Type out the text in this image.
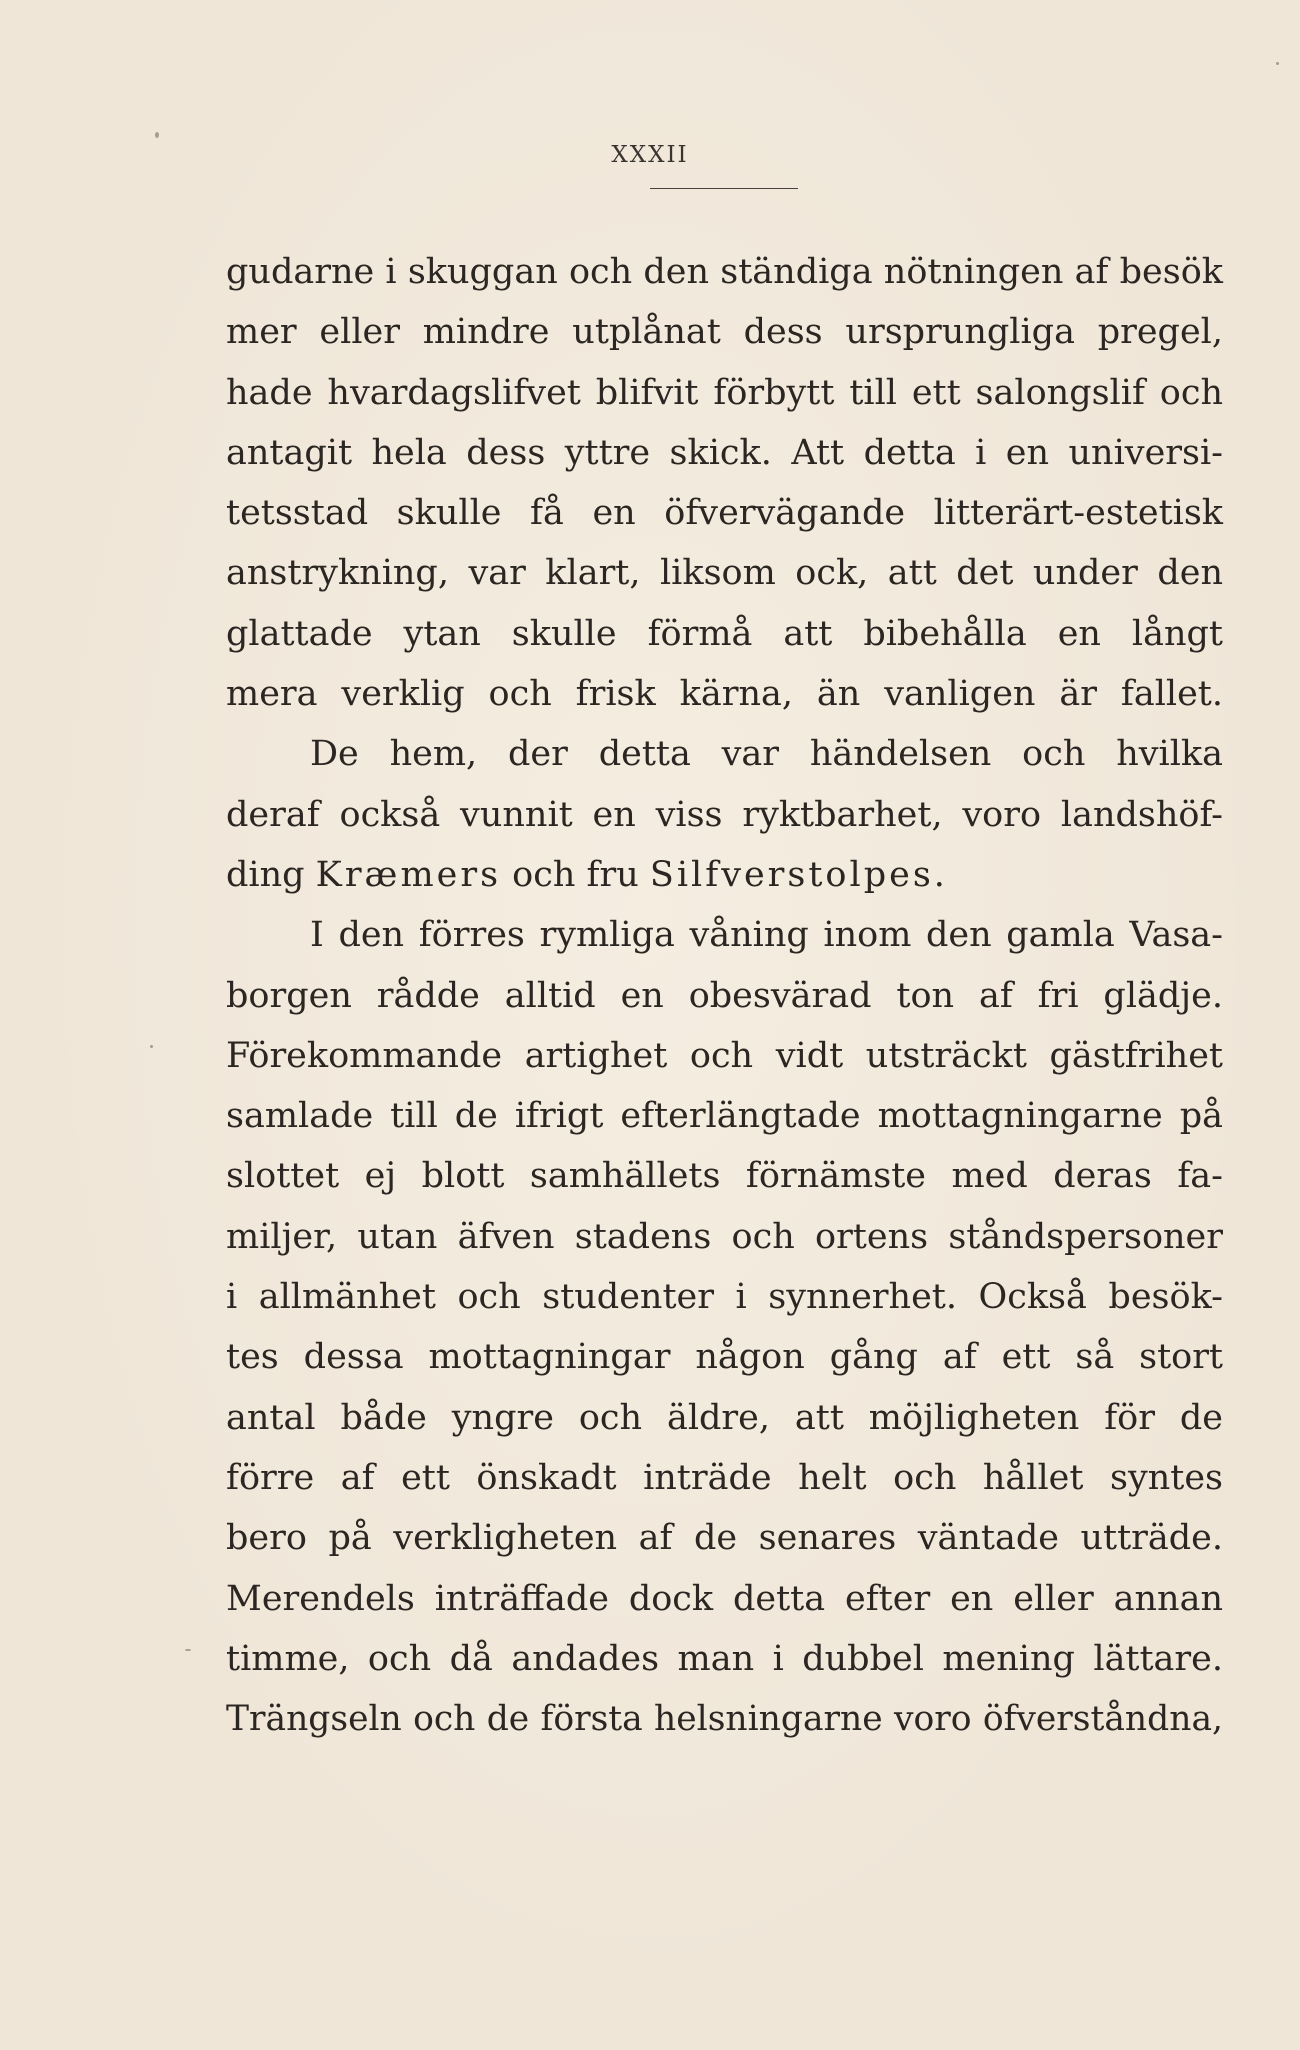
XXXII
gudarne i skuggan och den ständiga nötningen af besök
mer eller mindre utplånat dess ursprungliga pregel,
hade hvardagslifvet blifvit förbytt till ett salongslif och
antagit hela dess yttre skick. Att detta i en universi-
tetsstad skulle få en öfvervägande litterärt-estetisk
anstrykning, var klart, liksom ock, att det under den
glattade ytan skulle förmå att bibehålla en långt
mera verklig och frisk kärna, än vanligen är fallet.
De hem, der detta var händelsen och hvilka
deraf också vunnit en viss ryktbarhet, voro landshöf-
ding Kræmers och fru Silfverstolpes.
I den förres rymliga våning inom den gamla Vasa-
borgen rådde alltid en obesvärad ton af fri glädje.
Förekommande artighet och vidt utsträckt gästfrihet
samlade till de ifrigt efterlängtade mottagningarne på
slottet ej blott samhällets förnämste med deras fa-
miljer, utan äfven stadens och ortens ståndspersoner
i allmänhet och studenter i synnerhet. Också besök-
tes dessa mottagningar någon gång af ett så stort
antal både yngre och äldre, att möjligheten för de
förre af ett önskadt inträde helt och hållet syntes
bero på verkligheten af de senares väntade utträde.
Merendels inträffade dock detta efter en eller annan
timme, och då andades man i dubbel mening lättare.
Trängseln och de första helsningarne voro öfverståndna,
